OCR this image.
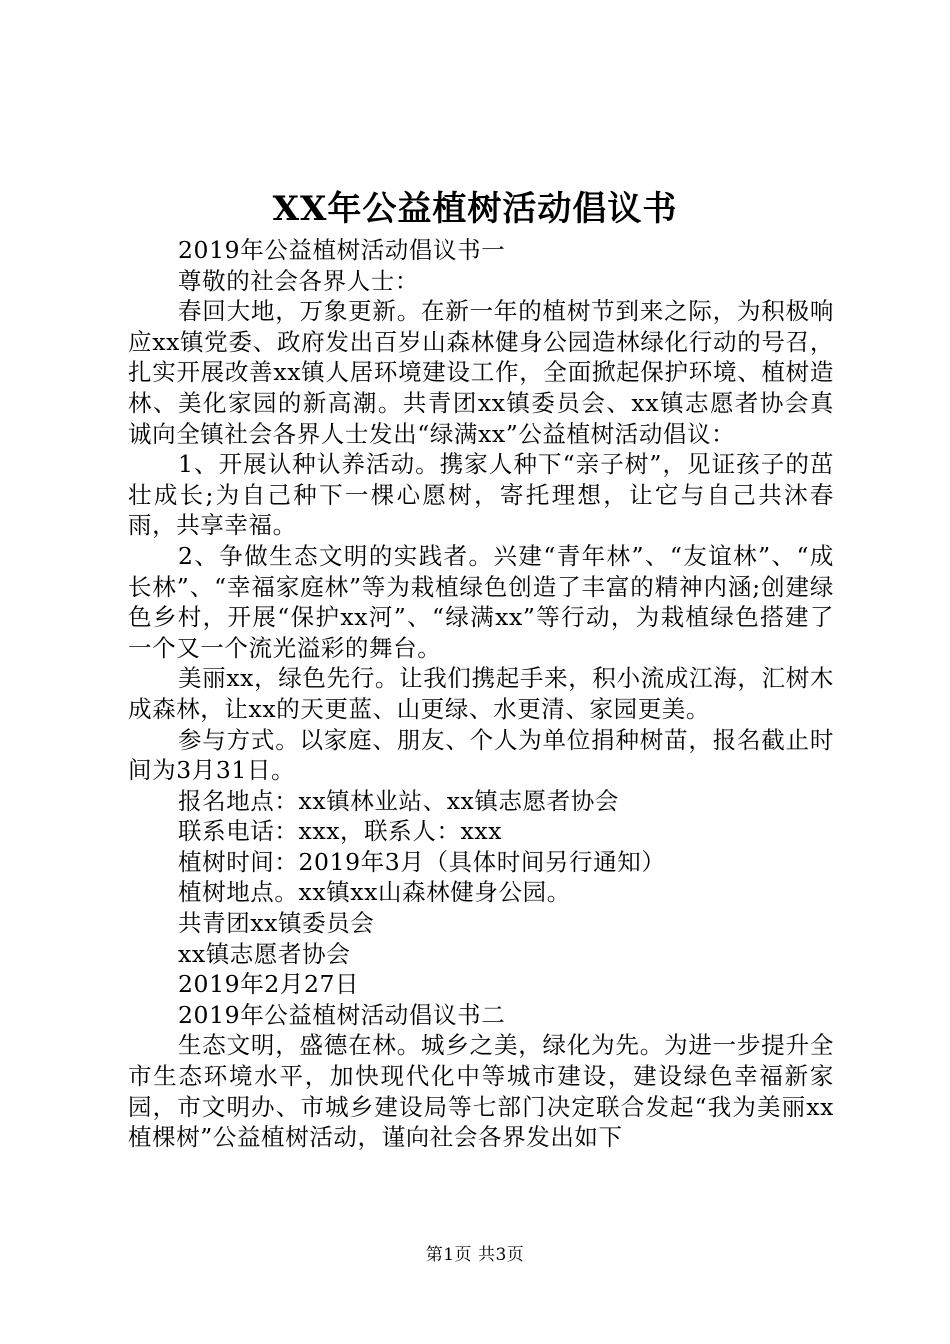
XX年公益植树活动倡议书

2019年公益植树活动倡议书一

尊敬的社会各界人士：

春回大地，万象更新。在新一年的植树节到来之际，为积极响应xx镇党委、政府发出百岁山森林健身公园造林绿化行动的号召，扎实开展改善xx镇人居环境建设工作，全面掀起保护环境、植树造林、美化家园的新高潮。共青团xx镇委员会、xx镇志愿者协会真诚向全镇社会各界人士发出“绿满xx”公益植树活动倡议：

1、开展认种认养活动。携家人种下“亲子树”，见证孩子的茁壮成长;为自己种下一棵心愿树，寄托理想，让它与自己共沐春雨，共享幸福。

2、争做生态文明的实践者。兴建“青年林”、“友谊林”、“成长林”、“幸福家庭林”等为栽植绿色创造了丰富的精神内涵;创建绿色乡村，开展“保护xx河”、“绿满xx”等行动，为栽植绿色搭建了一个又一个流光溢彩的舞台。

美丽xx，绿色先行。让我们携起手来，积小流成江海，汇树木成森林，让xx的天更蓝、山更绿、水更清、家园更美。

参与方式。以家庭、朋友、个人为单位捐种树苗，报名截止时间为3月31日。

报名地点：xx镇林业站、xx镇志愿者协会

联系电话：xxx，联系人：xxx

植树时间：2019年3月（具体时间另行通知）

植树地点。xx镇xx山森林健身公园。

共青团xx镇委员会

xx镇志愿者协会

2019年2月27日

2019年公益植树活动倡议书二

生态文明，盛德在林。城乡之美，绿化为先。为进一步提升全市生态环境水平，加快现代化中等城市建设，建设绿色幸福新家园，市文明办、市城乡建设局等七部门决定联合发起“我为美丽xx植棵树”公益植树活动，谨向社会各界发出如下

第1页 共3页
